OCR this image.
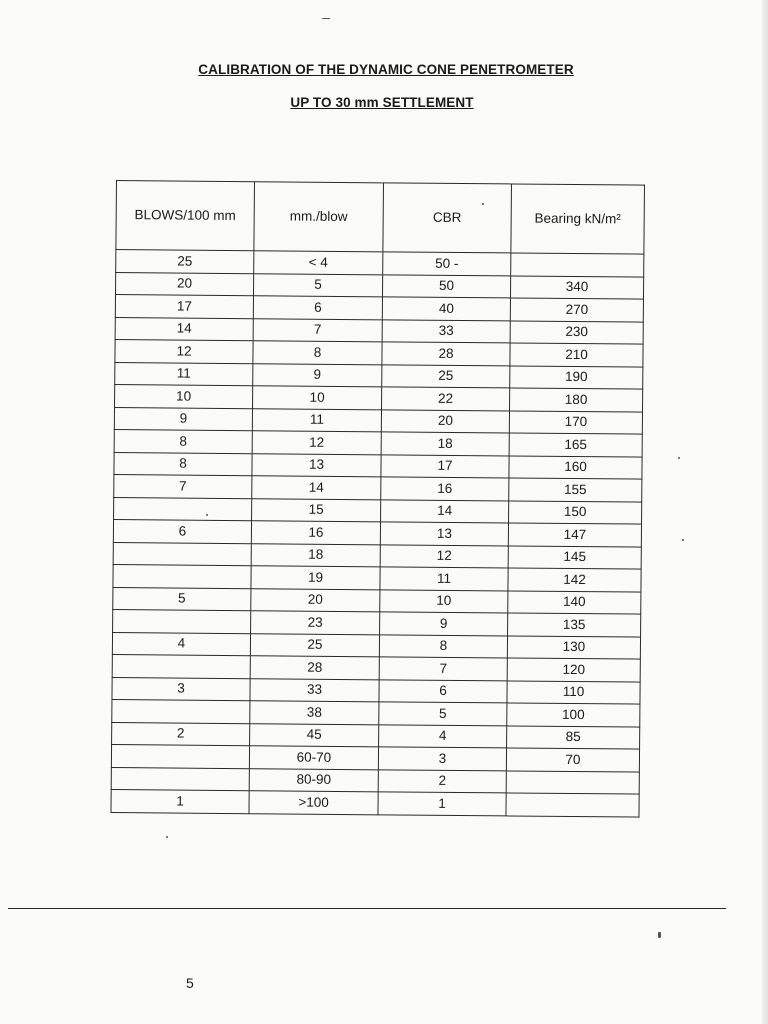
CALIBRATION OF THE DYNAMIC CONE PENETROMETER
UP TO 30 mm SETTLEMENT
BLOWS/100 mm	mm./blow	CBR	Bearing kN/m²
25	< 4	50 -	
20	5	50	340
17	6	40	270
14	7	33	230
12	8	28	210
11	9	25	190
10	10	22	180
9	11	20	170
8	12	18	165
8	13	17	160
7	14	16	155
	15	14	150
6	16	13	147
	18	12	145
	19	11	142
5	20	10	140
	23	9	135
4	25	8	130
	28	7	120
3	33	6	110
	38	5	100
2	45	4	85
	60-70	3	70
	80-90	2	
1	>100	1	
5
